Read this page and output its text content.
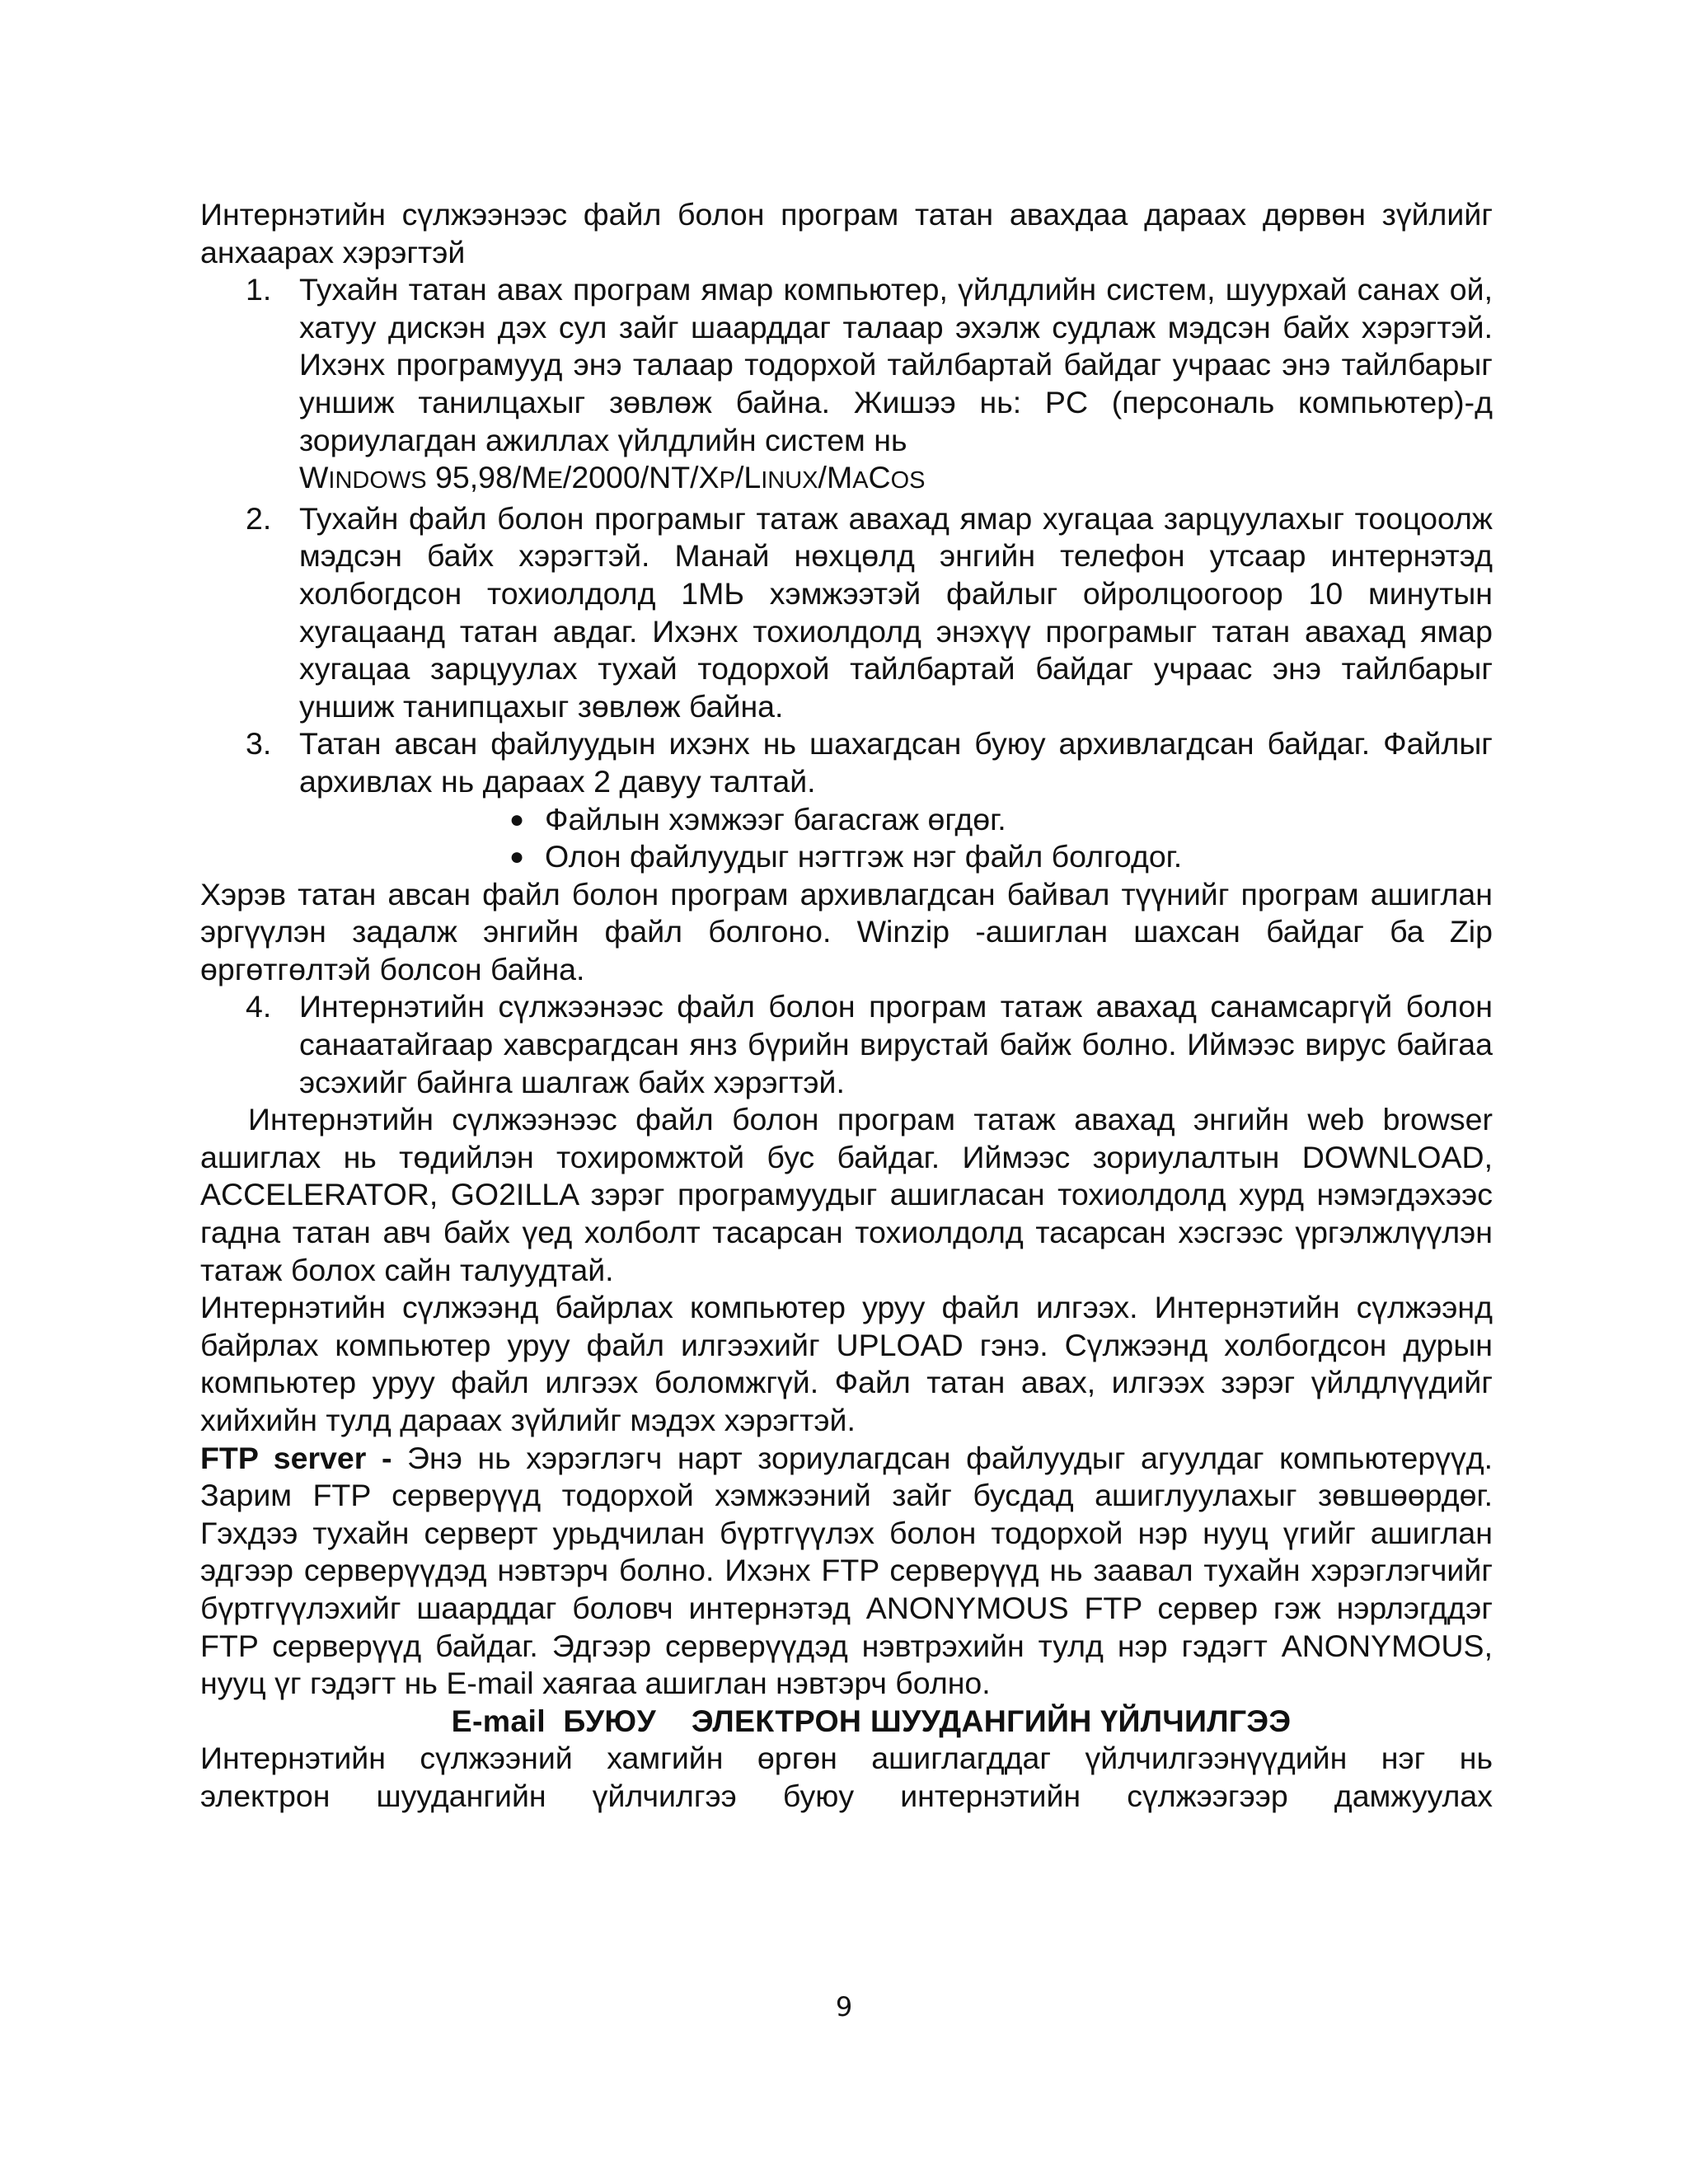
Интернэтийн сүлжээнээс файл болон програм татан авахдаа дараах дөрвөн зүйлийг анхаарах хэрэгтэй

1. Тухайн татан авах програм ямар компьютер, үйлдлийн систем, шуурхай санах ой, хатуу дискэн дэх сул зайг шаарддаг талаар эхэлж судлаж мэдсэн байх хэрэгтэй. Ихэнх програмууд энэ талаар тодорхой тайлбартай байдаг учраас энэ тайлбарыг уншиж танилцахыг зөвлөж байна. Жишээ нь: PC (персональ компьютер)-д зориулагдан ажиллах үйлдлийн систем нь

WINDOWS 95,98/ME/2000/NT/XP/LINUX/MACOS

2. Тухайн файл болон програмыг татаж авахад ямар хугацаа зарцуулахыг тооцоолж мэдсэн байх хэрэгтэй. Манай нөхцөлд энгийн телефон утсаар интернэтэд холбогдсон тохиолдолд 1МЬ хэмжээтэй файлыг ойролцоогоор 10 минутын хугацаанд татан авдаг. Ихэнх тохиолдолд энэхүү програмыг татан авахад ямар хугацаа зарцуулах тухай тодорхой тайлбартай байдаг учраас энэ тайлбарыг уншиж танипцахыг зөвлөж байна.

3. Татан авсан файлуудын ихэнх нь шахагдсан буюу архивлагдсан байдаг. Файлыг архивлах нь дараах 2 давуу талтай.

● Файлын хэмжээг багасгаж өгдөг.

● Олон файлуудыг нэгтгэж нэг файл болгодог.

Хэрэв татан авсан файл болон програм архивлагдсан байвал түүнийг програм ашиглан эргүүлэн задалж энгийн файл болгоно. Winzip -ашиглан шахсан байдаг ба Zip өргөтгөлтэй болсон байна.

4. Интернэтийн сүлжээнээс файл болон програм татаж авахад санамсаргүй болон санаатайгаар хавсрагдсан янз бүрийн вирустай байж болно. Иймээс вирус байгаа эсэхийг байнга шалгаж байх хэрэгтэй.

Интернэтийн сүлжээнээс файл болон програм татаж авахад энгийн web browser ашиглах нь төдийлэн тохиромжтой бус байдаг. Иймээс зориулалтын DOWNLOAD, ACCELERATOR, GO2ILLA зэрэг програмуудыг ашигласан тохиолдолд хурд нэмэгдэхээс гадна татан авч байх үед холболт тасарсан тохиолдолд тасарсан хэсгээс үргэлжлүүлэн татаж болох сайн талуудтай.

Интернэтийн сүлжээнд байрлах компьютер уруу файл илгээх. Интернэтийн сүлжээнд байрлах компьютер уруу файл илгээхийг UPLOAD гэнэ. Сүлжээнд холбогдсон дурын компьютер уруу файл илгээх боломжгүй. Файл татан авах, илгээх зэрэг үйлдлүүдийг хийхийн тулд дараах зүйлийг мэдэх хэрэгтэй.

FTP server - Энэ нь хэрэглэгч нарт зориулагдсан файлуудыг агуулдаг компьютерүүд. Зарим FTP серверүүд тодорхой хэмжээний зайг бусдад ашиглуулахыг зөвшөөрдөг. Гэхдээ тухайн серверт урьдчилан бүртгүүлэх болон тодорхой нэр нууц үгийг ашиглан эдгээр серверүүдэд нэвтэрч болно. Ихэнх FTP серверүүд нь заавал тухайн хэрэглэгчийг бүртгүүлэхийг шаарддаг боловч интернэтэд ANONYMOUS FTP сервер гэж нэрлэгддэг FTP серверүүд байдаг. Эдгээр серверүүдэд нэвтрэхийн тулд нэр гэдэгт ANONYMOUS, нууц үг гэдэгт нь E-mail хаягаа ашиглан нэвтэрч болно.

E-mail  БУЮУ    ЭЛЕКТРОН ШУУДАНГИЙН ҮЙЛЧИЛГЭЭ

Интернэтийн сүлжээний хамгийн өргөн ашиглагддаг үйлчилгээнүүдийн нэг нь

электрон шуудангийн үйлчилгээ буюу интернэтийн сүлжээгээр дамжуулах

9
